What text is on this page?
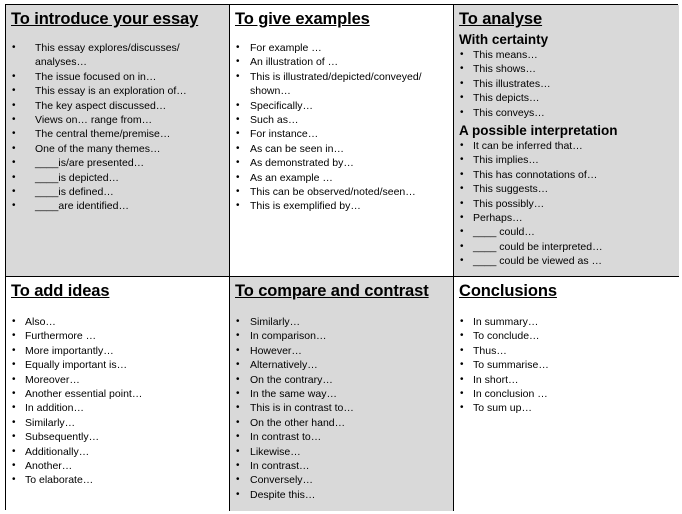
To introduce your essay
• This essay explores/discusses/ analyses…
• The issue focused on in…
• This essay is an exploration of…
• The key aspect discussed…
• Views on… range from…
• The central theme/premise…
• One of the many themes…
• ____is/are presented…
• ____is depicted…
• ____is defined…
• ____are identified…
To give examples
• For example …
• An illustration of …
• This is illustrated/depicted/conveyed/ shown…
• Specifically…
• Such as…
• For instance…
• As can be seen in…
• As demonstrated by…
• As an example …
• This can be observed/noted/seen…
• This is exemplified by…
To analyse
With certainty
• This means…
• This shows…
• This illustrates…
• This depicts…
• This conveys…
A possible interpretation
• It can be inferred that…
• This implies…
• This has connotations of…
• This suggests…
• This possibly…
• Perhaps…
• ____ could…
• ____ could be interpreted…
• ____ could be viewed as …
To add ideas
• Also…
• Furthermore …
• More importantly…
• Equally important is…
• Moreover…
• Another essential point…
• In addition…
• Similarly…
• Subsequently…
• Additionally…
• Another…
• To elaborate…
To compare and contrast
• Similarly…
• In comparison…
• However…
• Alternatively…
• On the contrary…
• In the same way…
• This is in contrast to…
• On the other hand…
• In contrast to…
• Likewise…
• In contrast…
• Conversely…
• Despite this…
Conclusions
• In summary…
• To conclude…
• Thus…
• To summarise…
• In short…
• In conclusion …
• To sum up…
